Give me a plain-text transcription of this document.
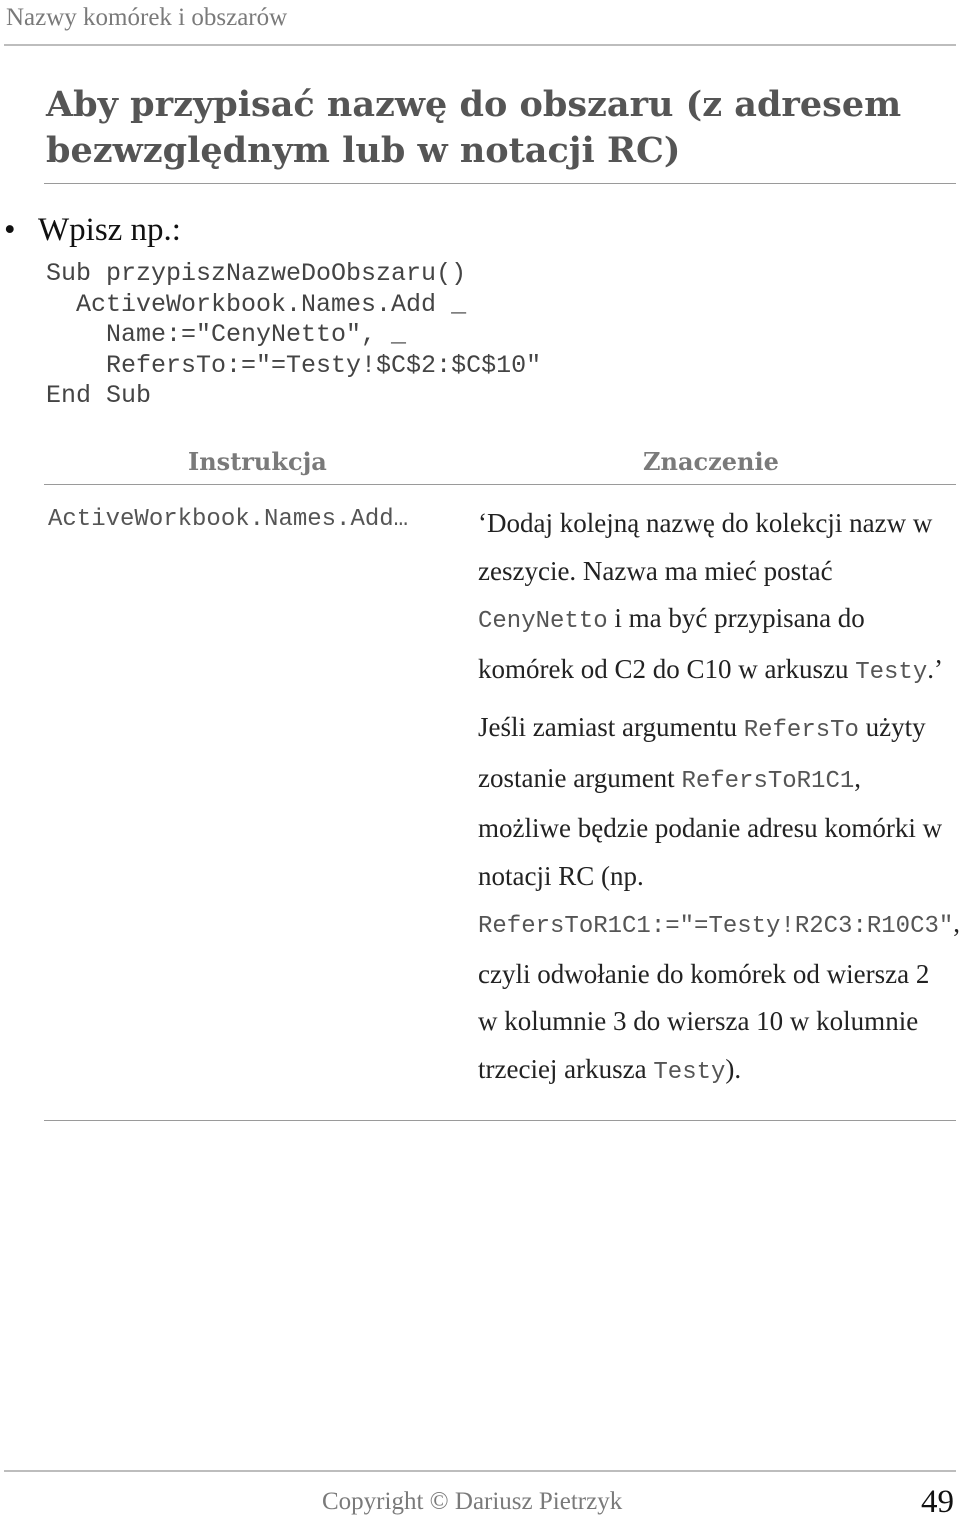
Nazwy komórek i obszarów
Aby przypisać nazwę do obszaru (z adresem bezwzględnym lub w notacji RC)
• Wpisz np.:
Sub przypiszNazweDoObszaru()
ActiveWorkbook.Names.Add _
Name:="CenyNetto", _
RefersTo:="=Testy!$C$2:$C$10"
End Sub
Instrukcja	Znaczenie
ActiveWorkbook.Names.Add…	‘Dodaj kolejną nazwę do kolekcji nazw w zeszycie. Nazwa ma mieć postać CenyNetto i ma być przypisana do komórek od C2 do C10 w arkuszu Testy.’

Jeśli zamiast argumentu RefersTo użyty zostanie argument RefersToR1C1, możliwe będzie podanie adresu komórki w notacji RC (np. RefersToR1C1:="=Testy!R2C3:R10C3", czyli odwołanie do komórek od wiersza 2 w kolumnie 3 do wiersza 10 w kolumnie trzeciej arkusza Testy).

Copyright © Dariusz Pietrzyk	49
